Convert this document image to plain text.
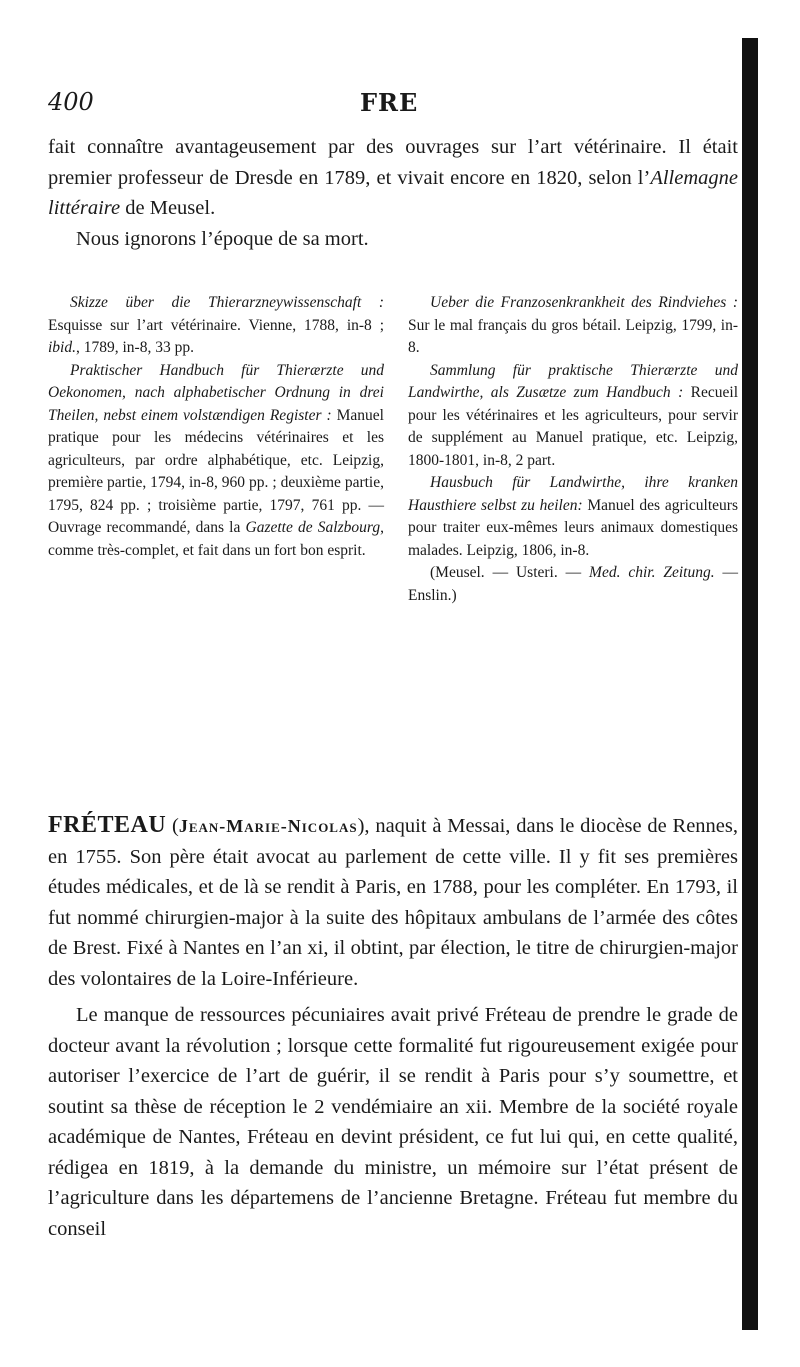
400	FRE

fait connaître avantageusement par des ouvrages sur l’art vétérinaire. Il était premier professeur de Dresde en 1789, et vivait encore en 1820, selon l’Allemagne littéraire de Meusel.

Nous ignorons l’époque de sa mort.

Skizze über die Thierarzneywissenschaft : Esquisse sur l’art vétérinaire. Vienne, 1788, in-8 ; ibid., 1789, in-8, 33 pp.

Praktischer Handbuch für Thierærzte und Oekonomen, nach alphabetischer Ordnung in drei Theilen, nebst einem volstændigen Register : Manuel pratique pour les médecins vétérinaires et les agriculteurs, par ordre alphabétique, etc. Leipzig, première partie, 1794, in-8, 960 pp. ; deuxième partie, 1795, 824 pp. ; troisième partie, 1797, 761 pp. — Ouvrage recommandé, dans la Gazette de Salzbourg, comme très-complet, et fait dans un fort bon esprit.

Ueber die Franzosenkrankheit des Rindviehes : Sur le mal français du gros bétail. Leipzig, 1799, in-8.

Sammlung für praktische Thierærzte und Landwirthe, als Zusætze zum Handbuch : Recueil pour les vétérinaires et les agriculteurs, pour servir de supplément au Manuel pratique, etc. Leipzig, 1800-1801, in-8, 2 part.

Hausbuch für Landwirthe, ihre kranken Hausthiere selbst zu heilen: Manuel des agriculteurs pour traiter eux-mêmes leurs animaux domestiques malades. Leipzig, 1806, in-8.

(Meusel. — Usteri. — Med. chir. Zeitung. — Enslin.)

FRÉTEAU (Jean-Marie-Nicolas), naquit à Messai, dans le diocèse de Rennes, en 1755. Son père était avocat au parlement de cette ville. Il y fit ses premières études médicales, et de là se rendit à Paris, en 1788, pour les compléter. En 1793, il fut nommé chirurgien-major à la suite des hôpitaux ambulans de l’armée des côtes de Brest. Fixé à Nantes en l’an xi, il obtint, par élection, le titre de chirurgien-major des volontaires de la Loire-Inférieure.

Le manque de ressources pécuniaires avait privé Fréteau de prendre le grade de docteur avant la révolution ; lorsque cette formalité fut rigoureusement exigée pour autoriser l’exercice de l’art de guérir, il se rendit à Paris pour s’y soumettre, et soutint sa thèse de réception le 2 vendémiaire an xii. Membre de la société royale académique de Nantes, Fréteau en devint président, ce fut lui qui, en cette qualité, rédigea en 1819, à la demande du ministre, un mémoire sur l’état présent de l’agriculture dans les départemens de l’ancienne Bretagne. Fréteau fut membre du conseil
